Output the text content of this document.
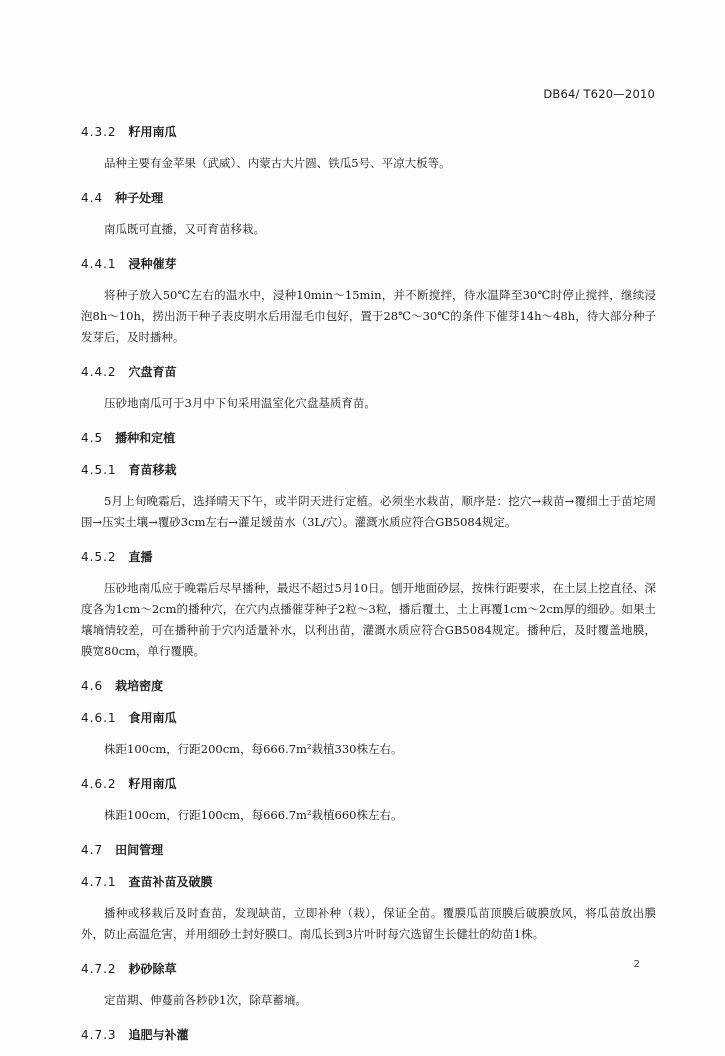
DB64/ T620—2010
4.3.2 籽用南瓜

品种主要有金苹果（武威）、内蒙古大片圆、铁瓜5号、平凉大板等。

4.4 种子处理

南瓜既可直播，又可育苗移栽。

4.4.1 浸种催芽

将种子放入50℃左右的温水中，浸种10min～15min，并不断搅拌，待水温降至30℃时停止搅拌，继续浸泡8h～10h，捞出沥干种子表皮明水后用湿毛巾包好，置于28℃～30℃的条件下催芽14h～48h，待大部分种子发芽后，及时播种。

4.4.2 穴盘育苗

压砂地南瓜可于3月中下旬采用温室化穴盘基质育苗。

4.5 播种和定植
4.5.1 育苗移栽

5月上旬晚霜后，选择晴天下午，或半阴天进行定植。必须坐水栽苗，顺序是：挖穴→栽苗→覆细土于苗坨周围→压实土壤→覆砂3cm左右→灌足缓苗水（3L/穴）。灌溉水质应符合GB5084规定。

4.5.2 直播

压砂地南瓜应于晚霜后尽早播种，最迟不超过5月10日。刨开地面砂层，按株行距要求，在土层上挖直径、深度各为1cm～2cm的播种穴，在穴内点播催芽种子2粒～3粒，播后覆土，土上再覆1cm～2cm厚的细砂。如果土壤墒情较差，可在播种前于穴内适量补水，以利出苗，灌溉水质应符合GB5084规定。播种后，及时覆盖地膜，膜宽80cm，单行覆膜。

4.6 栽培密度
4.6.1 食用南瓜

株距100cm，行距200cm，每666.7m²栽植330株左右。

4.6.2 籽用南瓜

株距100cm，行距100cm，每666.7m²栽植660株左右。

4.7 田间管理
4.7.1 查苗补苗及破膜

播种或移栽后及时查苗，发现缺苗，立即补种（栽），保证全苗。覆膜瓜苗顶膜后破膜放风，将瓜苗放出膜外，防止高温危害，并用细砂土封好膜口。南瓜长到3片叶时每穴选留生长健壮的幼苗1株。

4.7.2 耖砂除草

定苗期、伸蔓前各耖砂1次，除草蓄墒。

4.7.3 追肥与补灌
2
